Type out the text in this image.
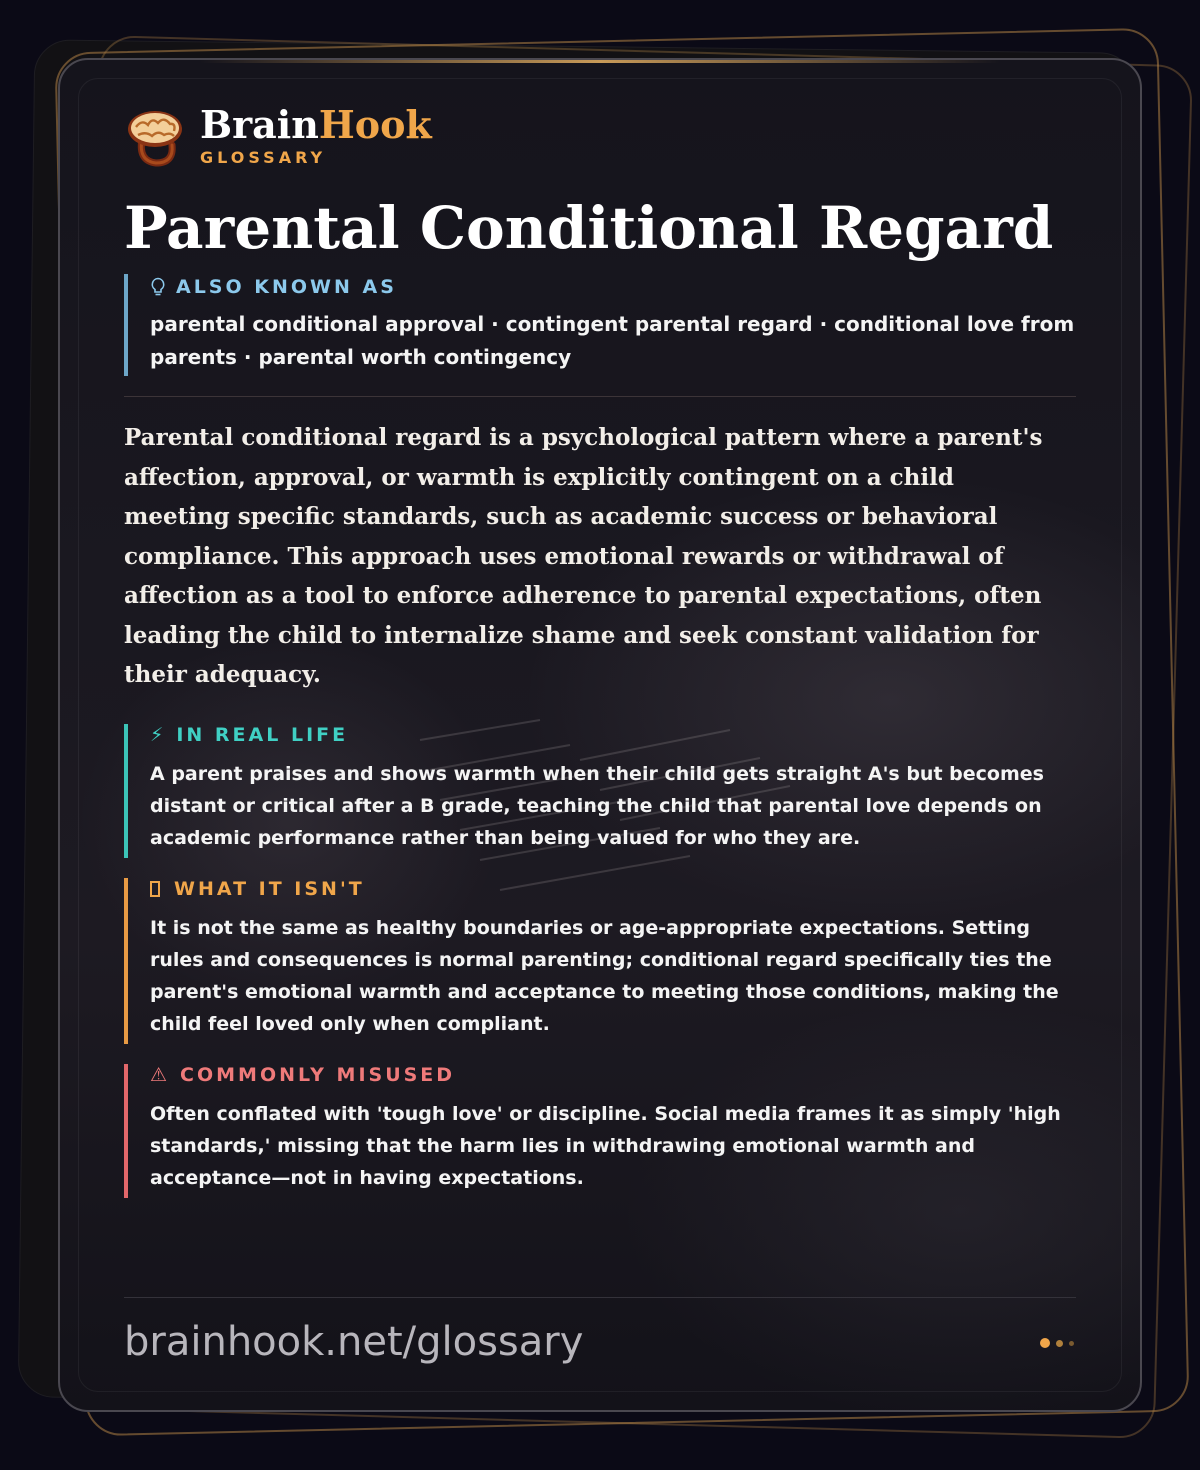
BrainHook
GLOSSARY
Parental Conditional Regard
ALSO KNOWN AS
parental conditional approval · contingent parental regard · conditional love from parents · parental worth contingency

Parental conditional regard is a psychological pattern where a parent's affection, approval, or warmth is explicitly contingent on a child meeting specific standards, such as academic success or behavioral compliance. This approach uses emotional rewards or withdrawal of affection as a tool to enforce adherence to parental expectations, often leading the child to internalize shame and seek constant validation for their adequacy.

⚡ IN REAL LIFE
A parent praises and shows warmth when their child gets straight A's but becomes distant or critical after a B grade, teaching the child that parental love depends on academic performance rather than being valued for who they are.
WHAT IT ISN'T
It is not the same as healthy boundaries or age-appropriate expectations. Setting rules and consequences is normal parenting; conditional regard specifically ties the parent's emotional warmth and acceptance to meeting those conditions, making the child feel loved only when compliant.
⚠ COMMONLY MISUSED
Often conflated with 'tough love' or discipline. Social media frames it as simply 'high standards,' missing that the harm lies in withdrawing emotional warmth and acceptance—not in having expectations.
brainhook.net/glossary
